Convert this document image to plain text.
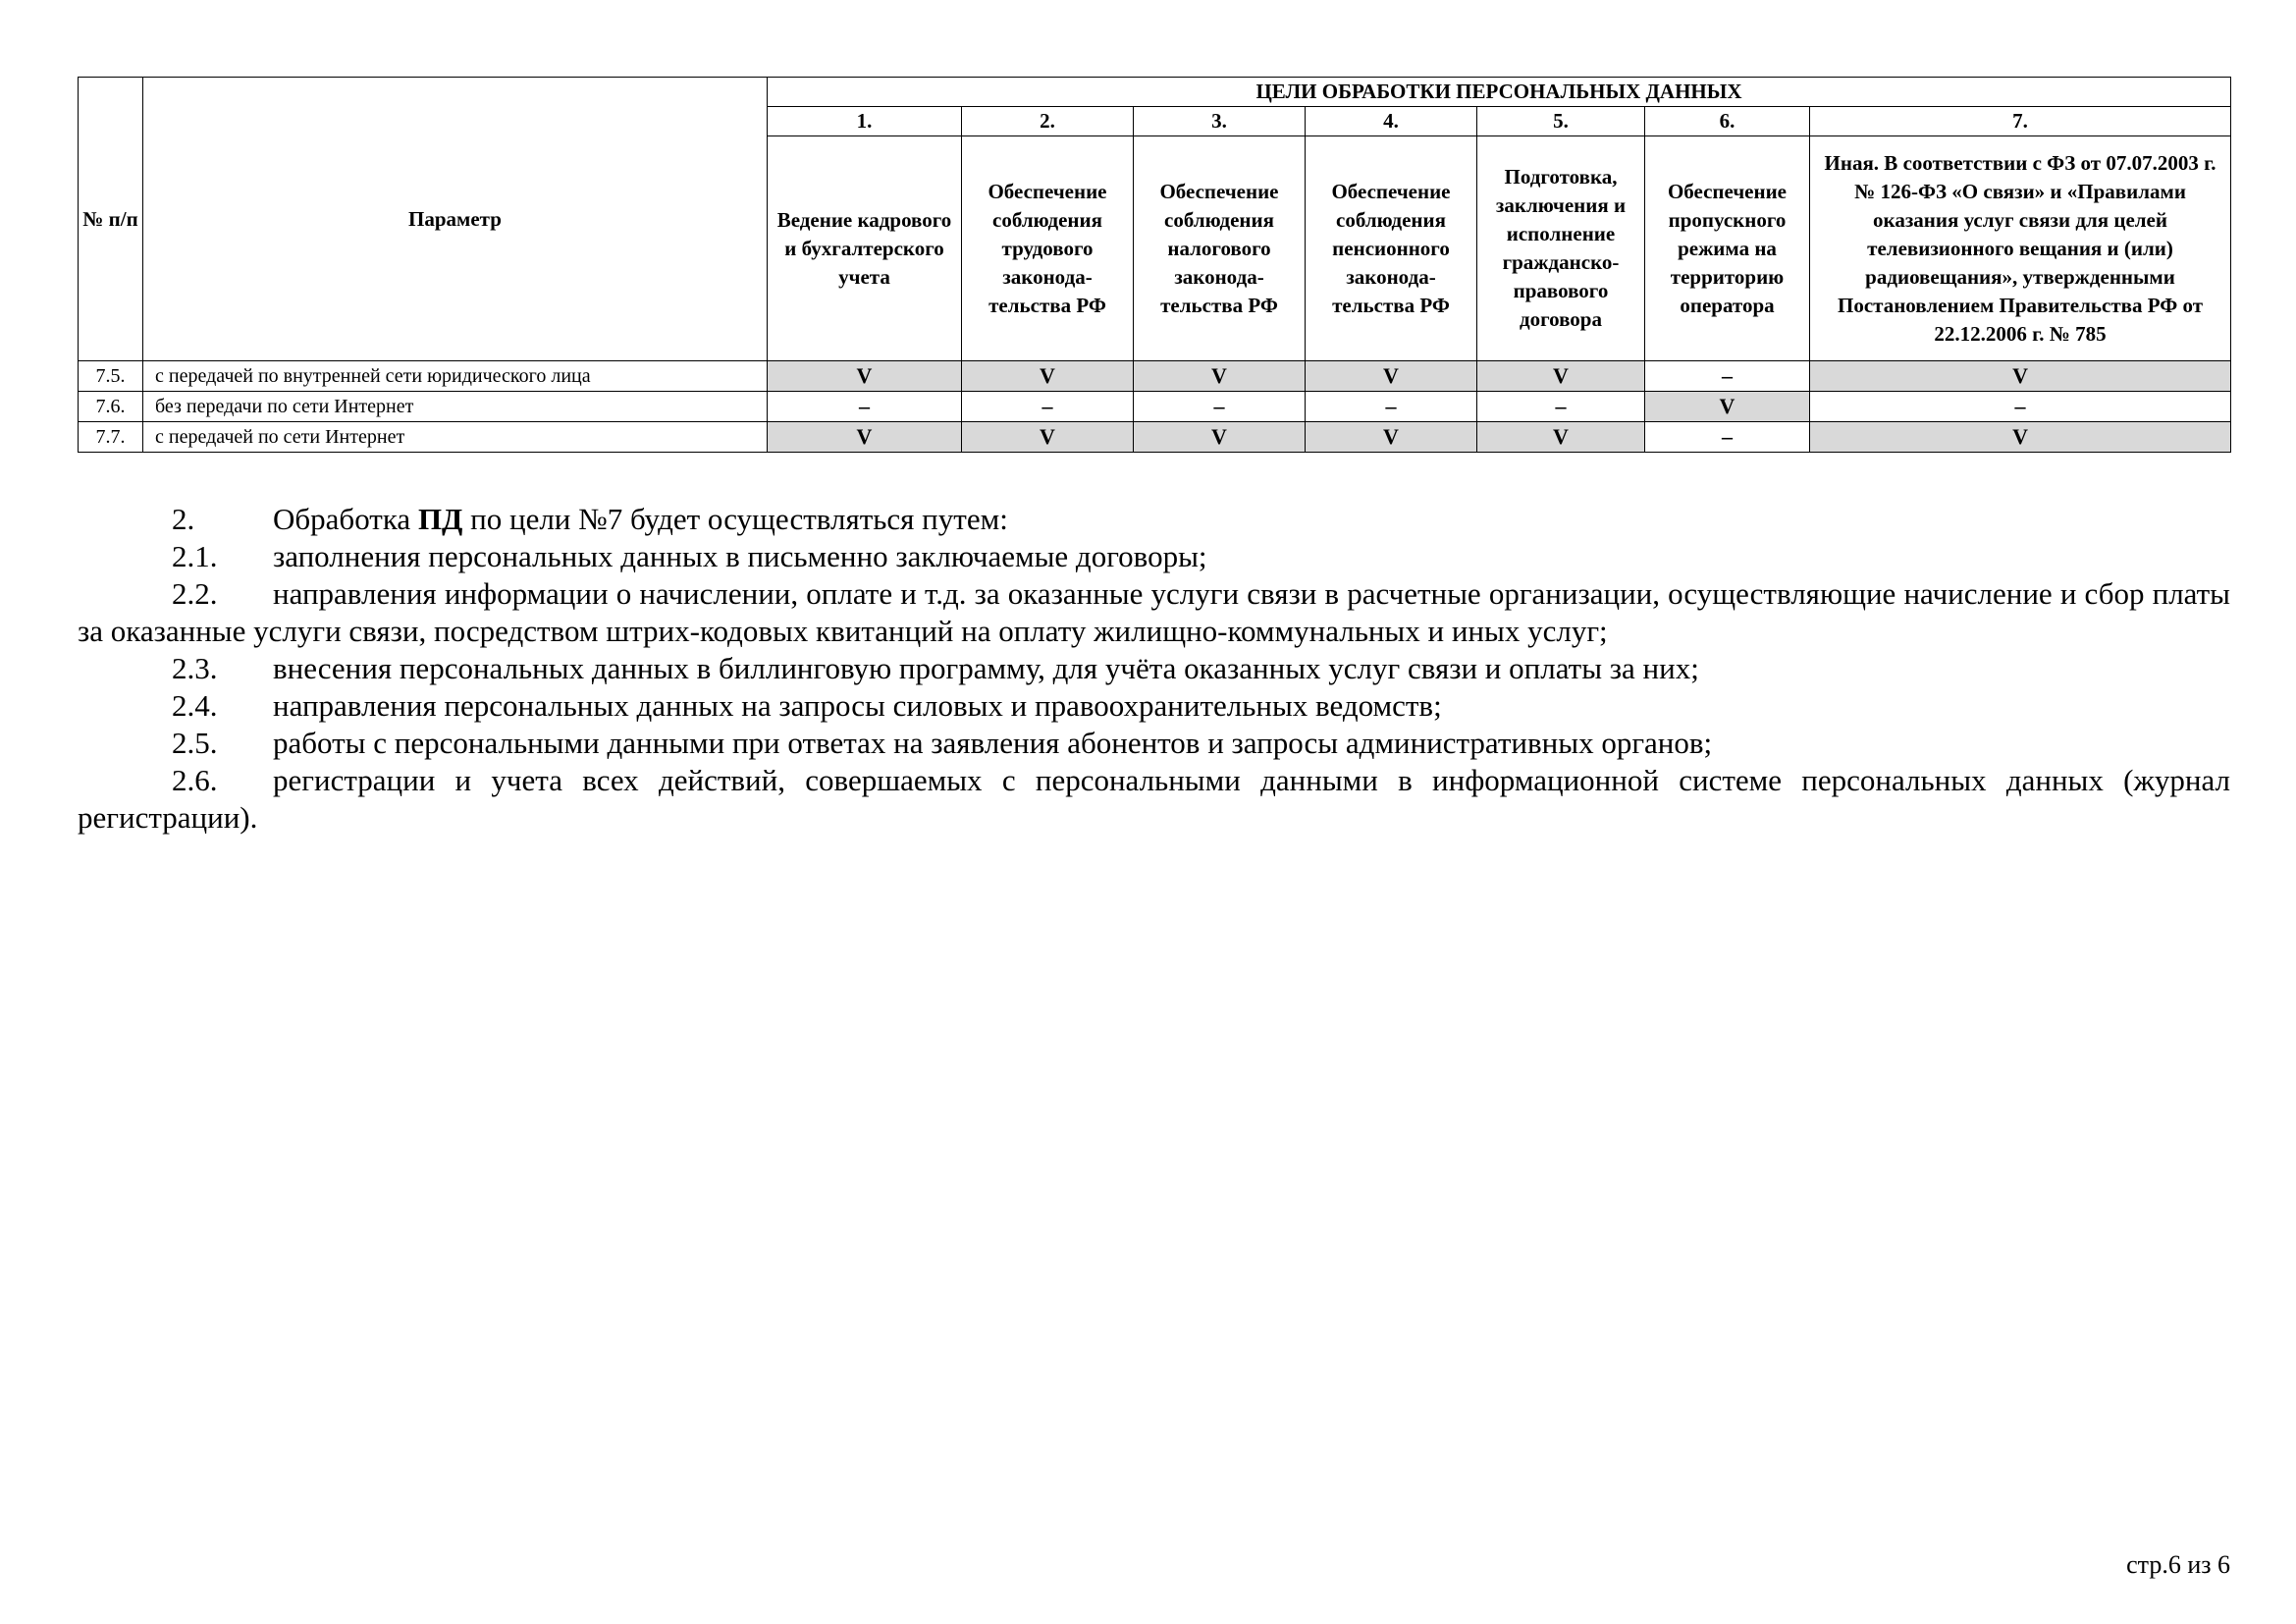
№ п/п	Параметр	ЦЕЛИ ОБРАБОТКИ ПЕРСОНАЛЬНЫХ ДАННЫХ						
		1.	2.	3.	4.	5.	6.	7.
		Ведение кадрового и бухгалтерского учета	Обеспечение соблюдения трудового законода-тельства РФ	Обеспечение соблюдения налогового законода-тельства РФ	Обеспечение соблюдения пенсионного законода-тельства РФ	Подготовка, заключения и исполнение гражданско-правового договора	Обеспечение пропускного режима на территорию оператора	Иная. В соответствии с ФЗ от 07.07.2003 г. № 126-ФЗ «О связи» и «Правилами оказания услуг связи для целей телевизионного вещания и (или) радиовещания», утвержденными Постановлением Правительства РФ от 22.12.2006 г. № 785
7.5.	с передачей по внутренней сети юридического лица	V	V	V	V	V	–	V
7.6.	без передачи по сети Интернет	–	–	–	–	–	V	–
7.7.	с передачей по сети Интернет	V	V	V	V	V	–	V

2.	Обработка ПД по цели №7 будет осуществляться путем:

2.1. заполнения персональных данных в письменно заключаемые договоры;

2.2. направления информации о начислении, оплате и т.д. за оказанные услуги связи в расчетные организации, осуществляющие начисление и сбор платы за оказанные услуги связи, посредством штрих-кодовых квитанций на оплату жилищно-коммунальных и иных услуг;

2.3. внесения персональных данных в биллинговую программу, для учёта оказанных услуг связи и оплаты за них;

2.4. направления персональных данных на запросы силовых и правоохранительных ведомств;

2.5. работы с персональными данными при ответах на заявления абонентов и запросы административных органов;

2.6. регистрации и учета всех действий, совершаемых с персональными данными в информационной системе персональных данных (журнал регистрации).

стр.6 из 6
